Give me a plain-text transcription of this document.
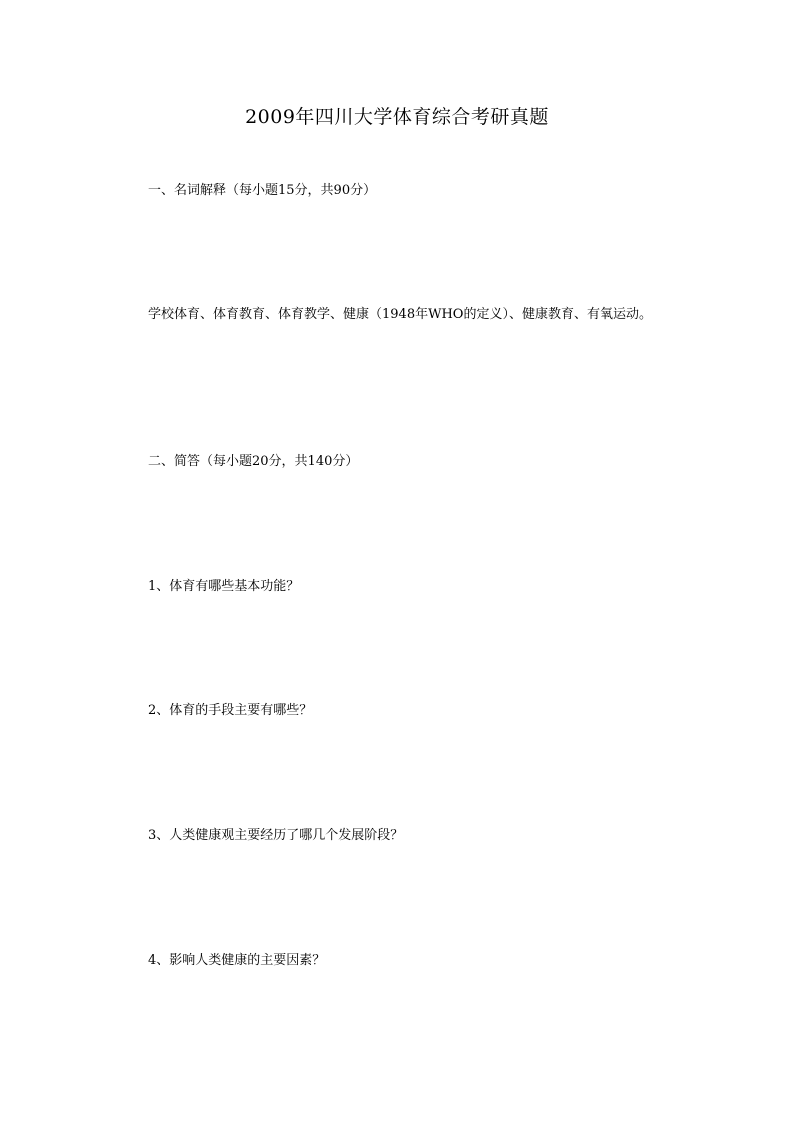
2009年四川大学体育综合考研真题
一、名词解释（每小题15分，共90分）
学校体育、体育教育、体育教学、健康（1948年WHO的定义）、健康教育、有氧运动。
二、简答（每小题20分，共140分）
1、体育有哪些基本功能？
2、体育的手段主要有哪些？
3、人类健康观主要经历了哪几个发展阶段？
4、影响人类健康的主要因素？
